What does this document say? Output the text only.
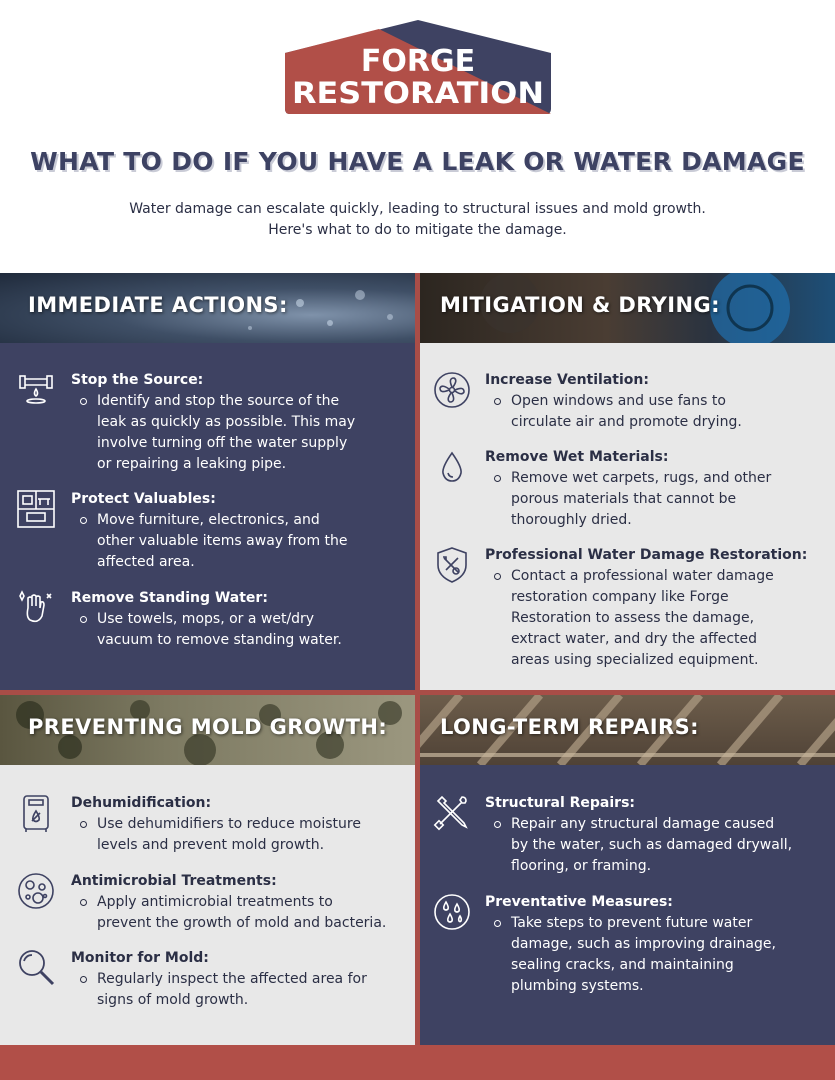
FORGE
RESTORATION
WHAT TO DO IF YOU HAVE A LEAK OR WATER DAMAGE

Water damage can escalate quickly, leading to structural issues and mold growth.
Here's what to do to mitigate the damage.

IMMEDIATE ACTIONS:
Stop the Source:
Identify and stop the source of the
leak as quickly as possible. This may
involve turning off the water supply
or repairing a leaking pipe.
Protect Valuables:
Move furniture, electronics, and
other valuable items away from the
affected area.
Remove Standing Water:
Use towels, mops, or a wet/dry
vacuum to remove standing water.
MITIGATION & DRYING:
Increase Ventilation:
Open windows and use fans to
circulate air and promote drying.
Remove Wet Materials:
Remove wet carpets, rugs, and other
porous materials that cannot be
thoroughly dried.
Professional Water Damage Restoration:
Contact a professional water damage
restoration company like Forge
Restoration to assess the damage,
extract water, and dry the affected
areas using specialized equipment.
PREVENTING MOLD GROWTH:
Dehumidification:
Use dehumidifiers to reduce moisture
levels and prevent mold growth.
Antimicrobial Treatments:
Apply antimicrobial treatments to
prevent the growth of mold and bacteria.
Monitor for Mold:
Regularly inspect the affected area for
signs of mold growth.
LONG-TERM REPAIRS:
Structural Repairs:
Repair any structural damage caused
by the water, such as damaged drywall,
flooring, or framing.
Preventative Measures:
Take steps to prevent future water
damage, such as improving drainage,
sealing cracks, and maintaining
plumbing systems.
